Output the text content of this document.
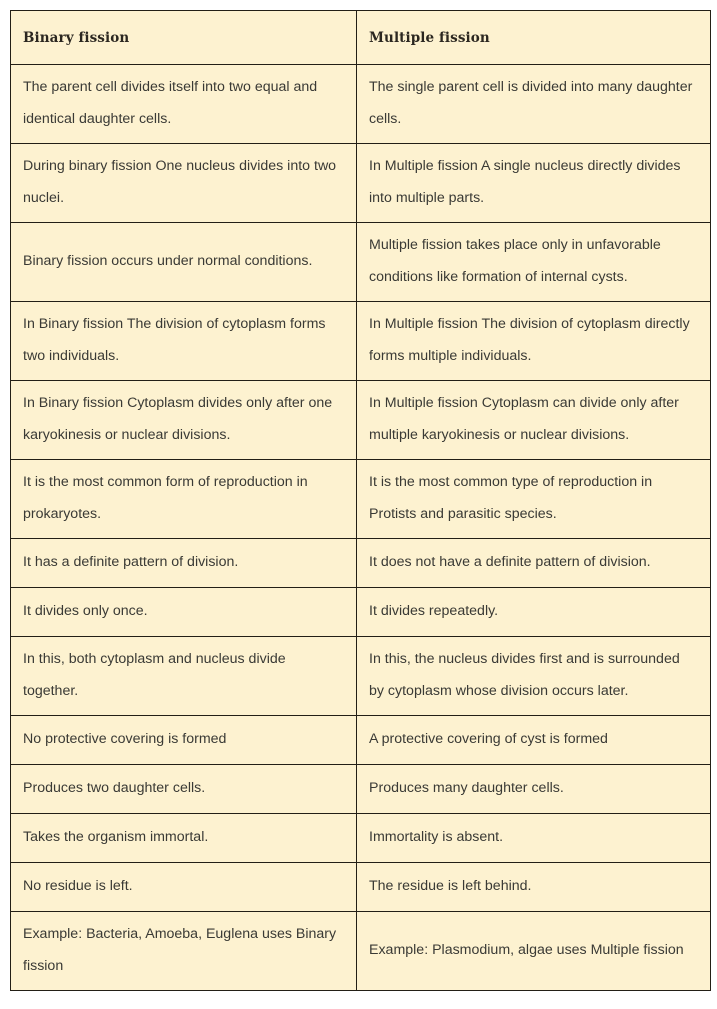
Binary fission	Multiple fission

The parent cell divides itself into two equal and identical daughter cells.	The single parent cell is divided into many daughter cells.

During binary fission One nucleus divides into two nuclei.	In Multiple fission A single nucleus directly divides into multiple parts.

Binary fission occurs under normal conditions.	Multiple fission takes place only in unfavorable conditions like formation of internal cysts.

In Binary fission The division of cytoplasm forms two individuals.	In Multiple fission The division of cytoplasm directly forms multiple individuals.

In Binary fission Cytoplasm divides only after one karyokinesis or nuclear divisions.	In Multiple fission Cytoplasm can divide only after multiple karyokinesis or nuclear divisions.

It is the most common form of reproduction in prokaryotes.	It is the most common type of reproduction in Protists and parasitic species.

It has a definite pattern of division.	It does not have a definite pattern of division.

It divides only once.	It divides repeatedly.

In this, both cytoplasm and nucleus divide together.	In this, the nucleus divides first and is surrounded by cytoplasm whose division occurs later.

No protective covering is formed	A protective covering of cyst is formed

Produces two daughter cells.	Produces many daughter cells.

Takes the organism immortal.	Immortality is absent.

No residue is left.	The residue is left behind.

Example: Bacteria, Amoeba, Euglena uses Binary fission	Example: Plasmodium, algae uses Multiple fission
